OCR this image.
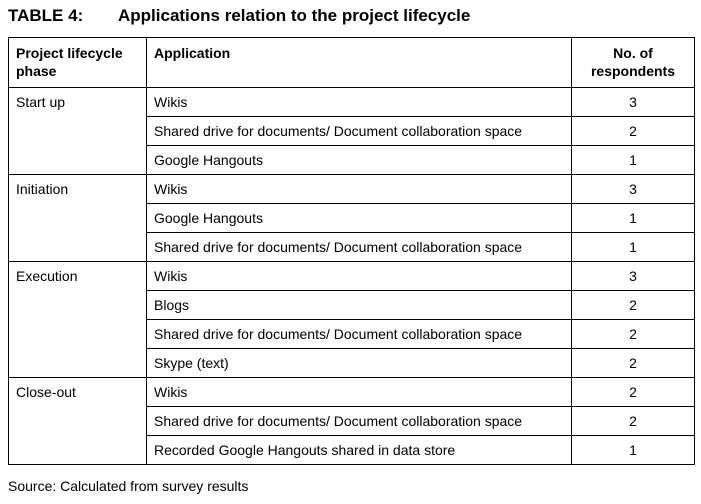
TABLE 4: Applications relation to the project lifecycle
Project lifecycle phase	Application	No. of respondents
Start up	Wikis	3
	Shared drive for documents/ Document collaboration space	2
	Google Hangouts	1
Initiation	Wikis	3
	Google Hangouts	1
	Shared drive for documents/ Document collaboration space	1
Execution	Wikis	3
	Blogs	2
	Shared drive for documents/ Document collaboration space	2
	Skype (text)	2
Close-out	Wikis	2
	Shared drive for documents/ Document collaboration space	2
	Recorded Google Hangouts shared in data store	1
Source: Calculated from survey results
